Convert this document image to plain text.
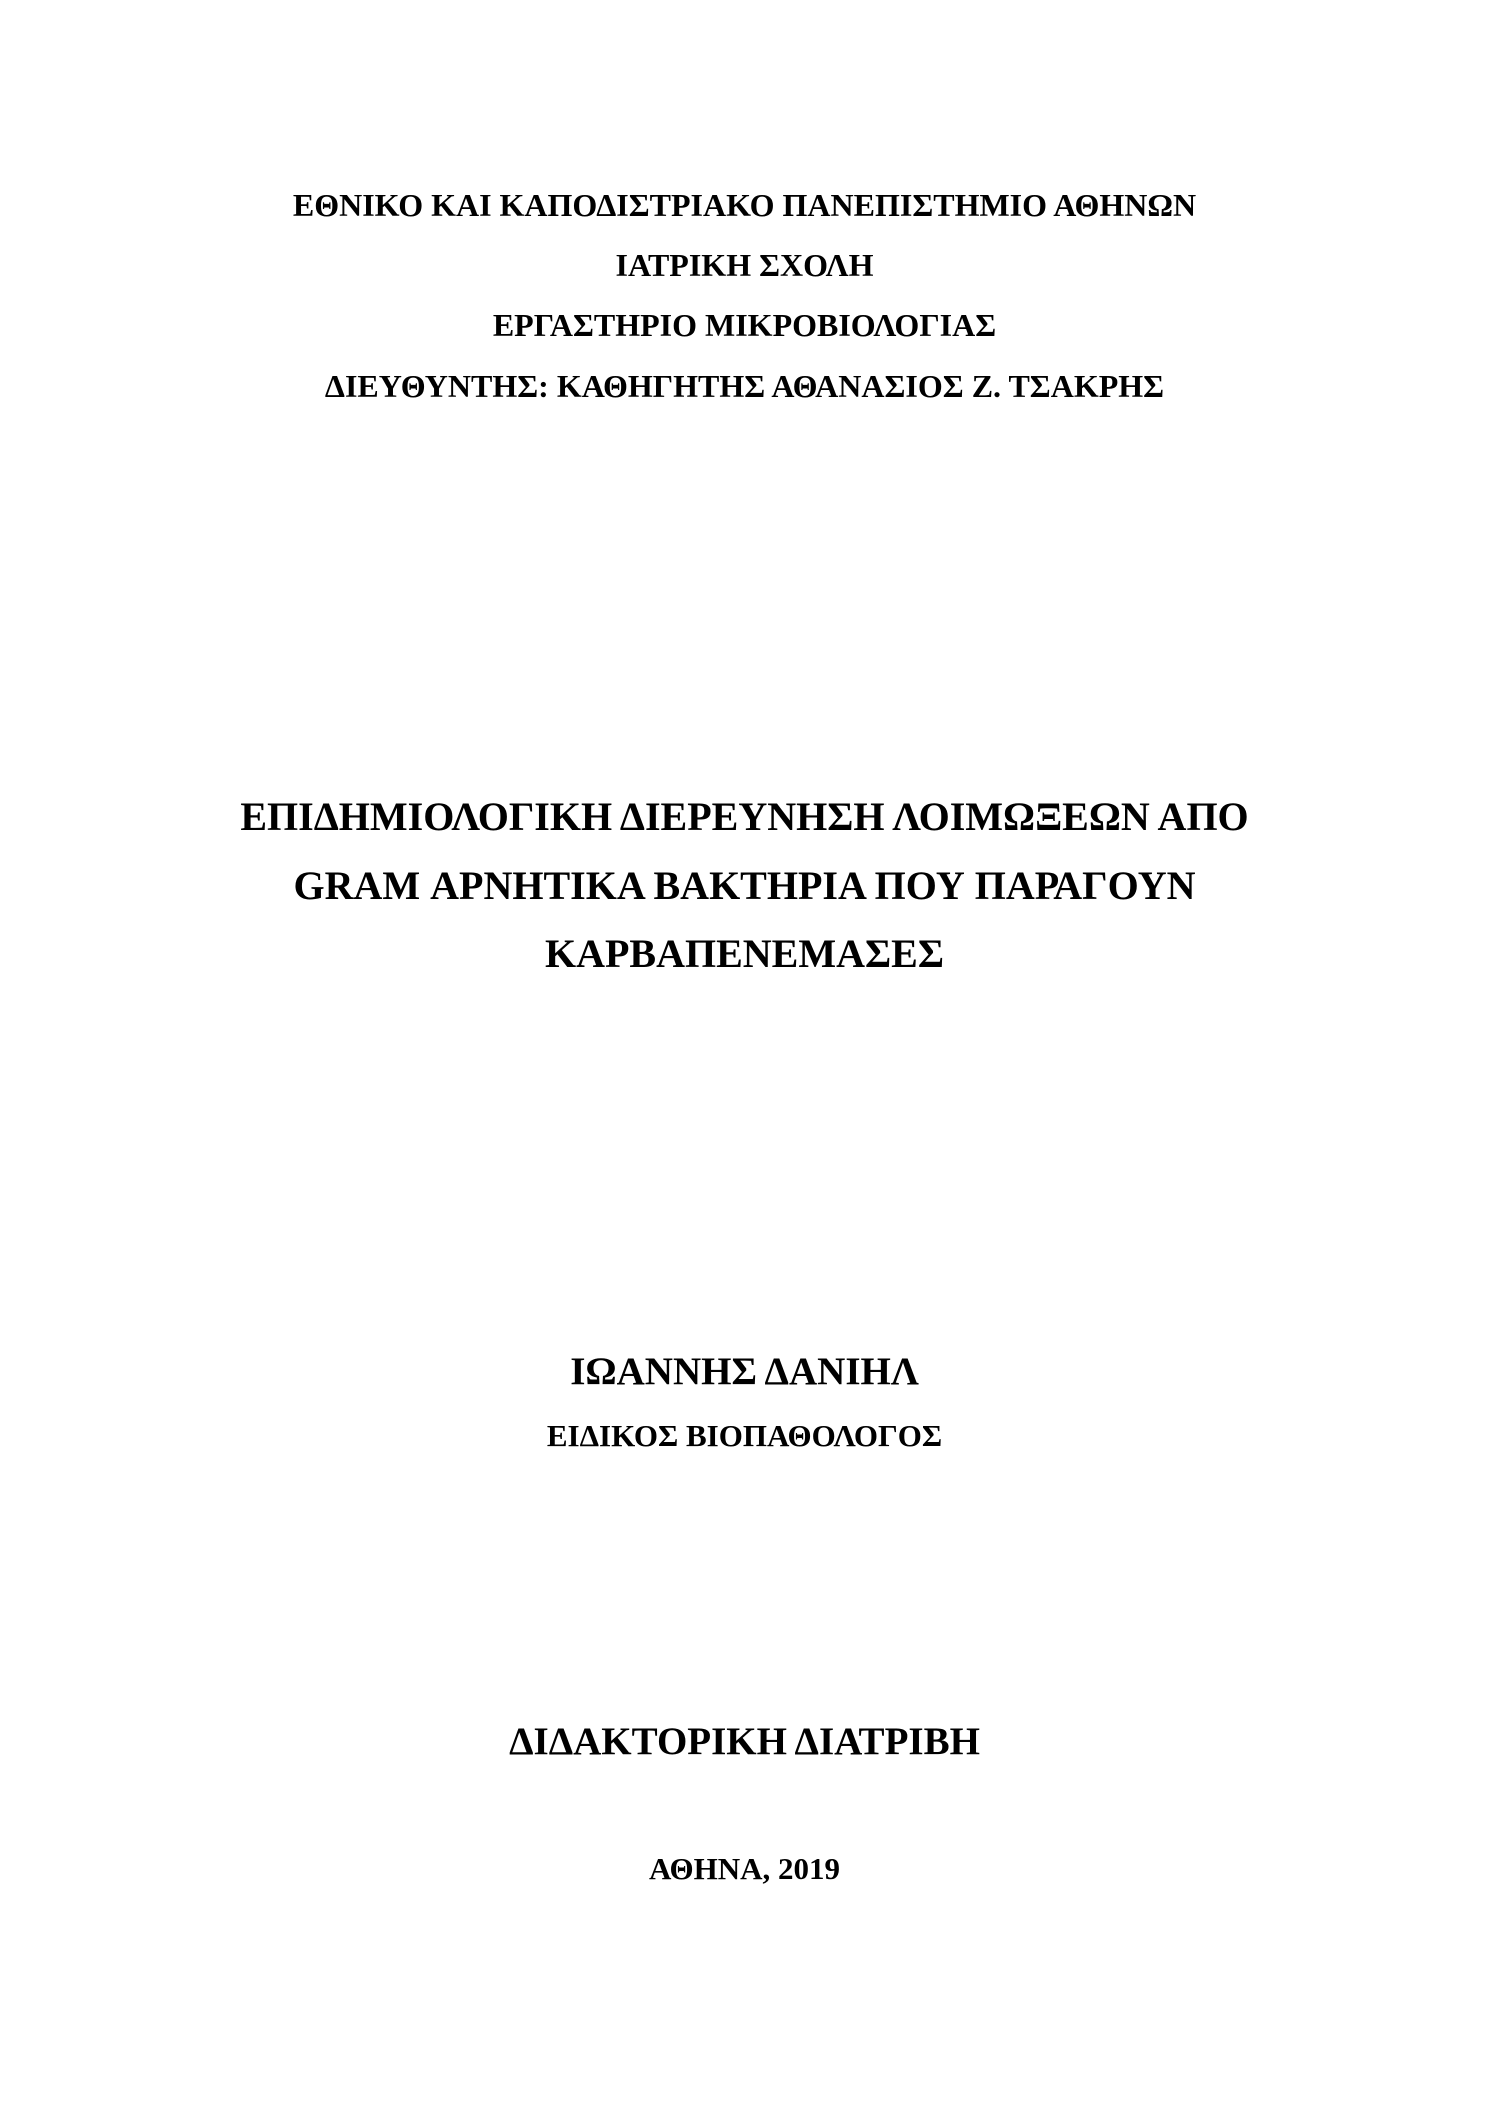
ΕΘΝΙΚΟ ΚΑΙ ΚΑΠΟΔΙΣΤΡΙΑΚΟ ΠΑΝΕΠΙΣΤΗΜΙΟ ΑΘΗΝΩΝ
ΙΑΤΡΙΚΗ ΣΧΟΛΗ
ΕΡΓΑΣΤΗΡΙΟ ΜΙΚΡΟΒΙΟΛΟΓΙΑΣ
ΔΙΕΥΘΥΝΤΗΣ: ΚΑΘΗΓΗΤΗΣ ΑΘΑΝΑΣΙΟΣ Ζ. ΤΣΑΚΡΗΣ
ΕΠΙΔΗΜΙΟΛΟΓΙΚΗ ΔΙΕΡΕΥΝΗΣΗ ΛΟΙΜΩΞΕΩΝ ΑΠΟ
GRAM ΑΡΝΗΤΙΚΑ ΒΑΚΤΗΡΙΑ ΠΟΥ ΠΑΡΑΓΟΥΝ
ΚΑΡΒΑΠΕΝΕΜΑΣΕΣ
ΙΩΑΝΝΗΣ ΔΑΝΙΗΛ
ΕΙΔΙΚΟΣ ΒΙΟΠΑΘΟΛΟΓΟΣ
ΔΙΔΑΚΤΟΡΙΚΗ ΔΙΑΤΡΙΒΗ
ΑΘΗΝΑ, 2019
